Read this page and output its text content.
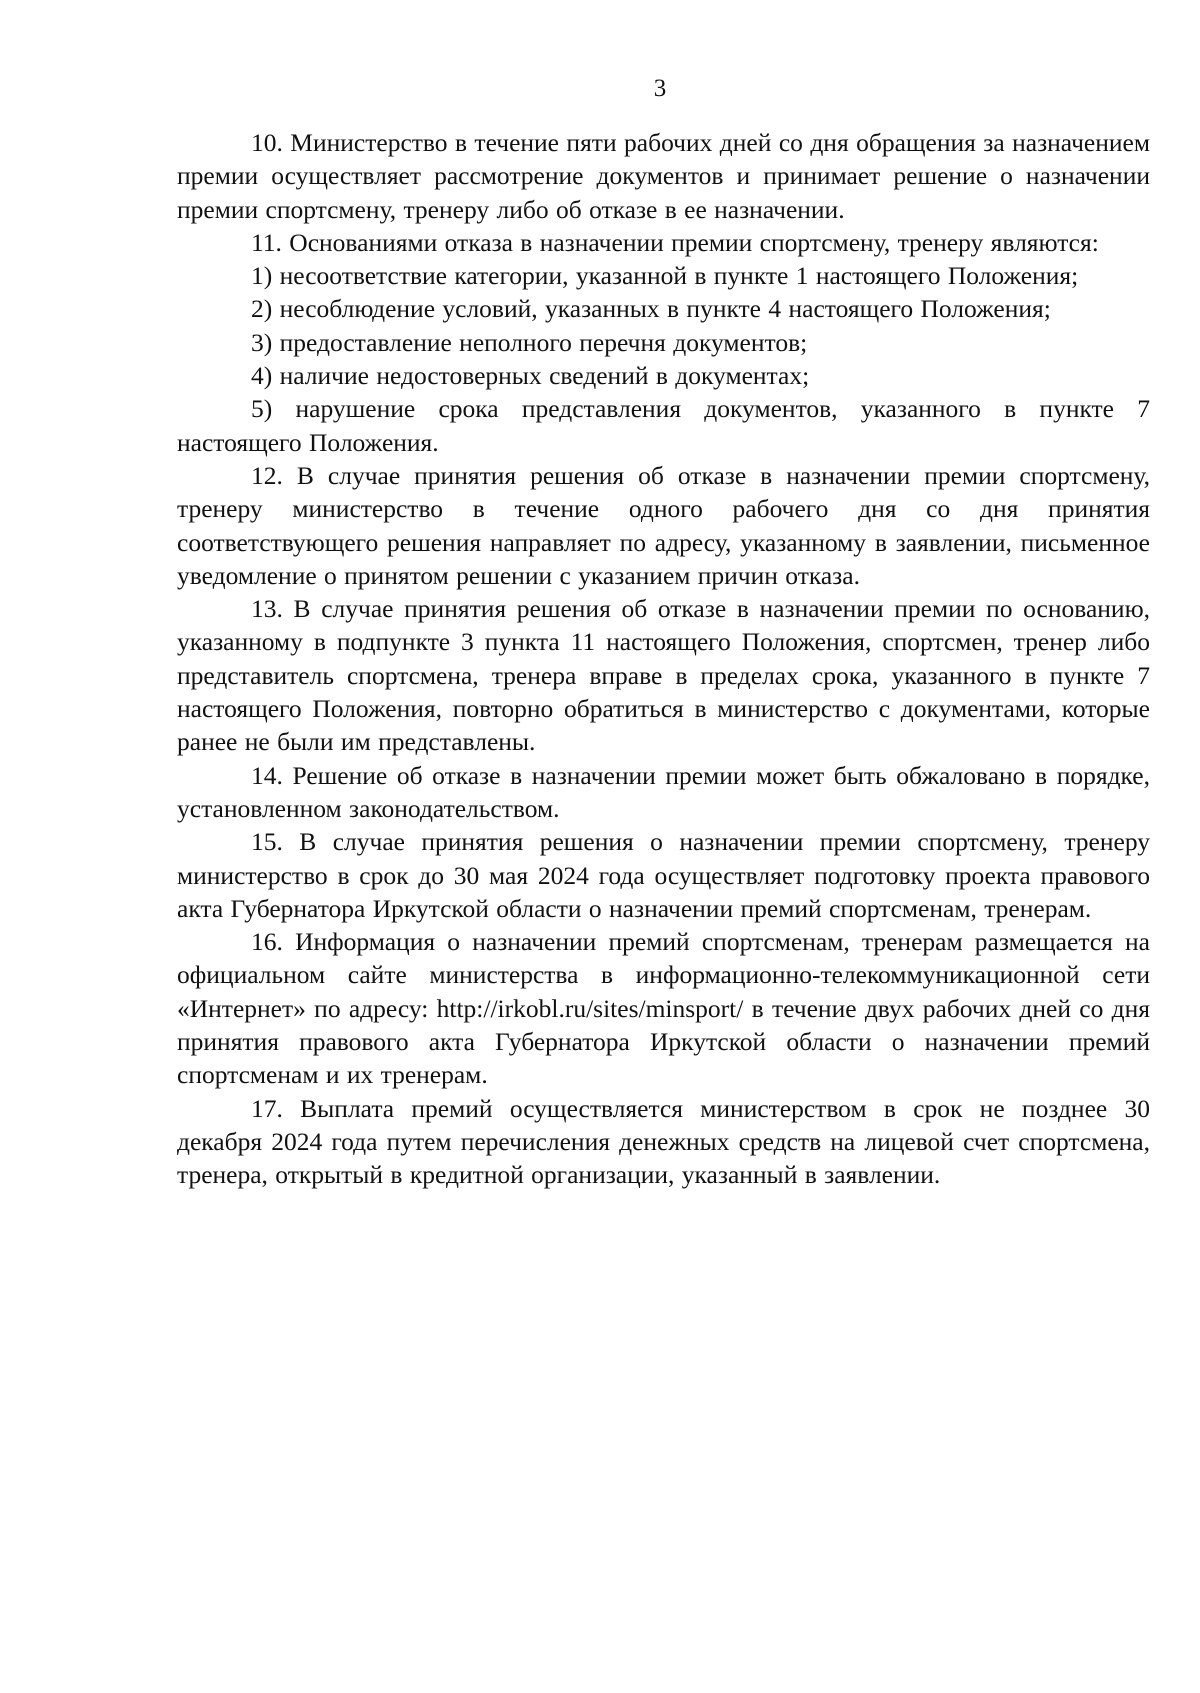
3

10. Министерство в течение пяти рабочих дней со дня обращения за назначением премии осуществляет рассмотрение документов и принимает решение о назначении премии спортсмену, тренеру либо об отказе в ее назначении.

11. Основаниями отказа в назначении премии спортсмену, тренеру являются:

1) несоответствие категории, указанной в пункте 1 настоящего Положения;

2) несоблюдение условий, указанных в пункте 4 настоящего Положения;

3) предоставление неполного перечня документов;

4) наличие недостоверных сведений в документах;

5) нарушение срока представления документов, указанного в пункте 7 настоящего Положения.

12. В случае принятия решения об отказе в назначении премии спортсмену, тренеру министерство в течение одного рабочего дня со дня принятия соответствующего решения направляет по адресу, указанному в заявлении, письменное уведомление о принятом решении с указанием причин отказа.

13. В случае принятия решения об отказе в назначении премии по основанию, указанному в подпункте 3 пункта 11 настоящего Положения, спортсмен, тренер либо представитель спортсмена, тренера вправе в пределах срока, указанного в пункте 7 настоящего Положения, повторно обратиться в министерство с документами, которые ранее не были им представлены.

14. Решение об отказе в назначении премии может быть обжаловано в порядке, установленном законодательством.

15. В случае принятия решения о назначении премии спортсмену, тренеру министерство в срок до 30 мая 2024 года осуществляет подготовку проекта правового акта Губернатора Иркутской области о назначении премий спортсменам, тренерам.

16. Информация о назначении премий спортсменам, тренерам размещается на официальном сайте министерства в информационно-телекоммуникационной сети «Интернет» по адресу: http://irkobl.ru/sites/minsport/ в течение двух рабочих дней со дня принятия правового акта Губернатора Иркутской области о назначении премий спортсменам и их тренерам.

17. Выплата премий осуществляется министерством в срок не позднее 30 декабря 2024 года путем перечисления денежных средств на лицевой счет спортсмена, тренера, открытый в кредитной организации, указанный в заявлении.
